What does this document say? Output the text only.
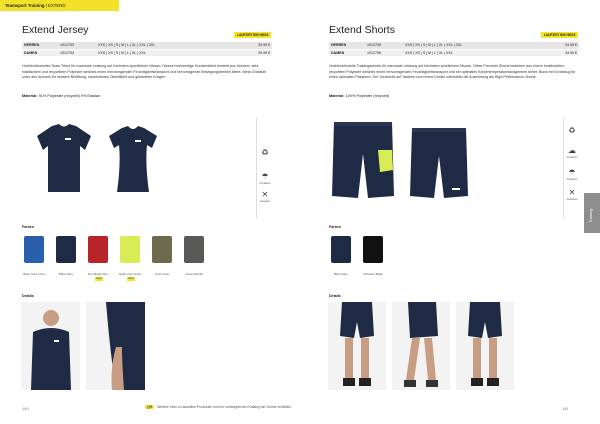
Teamsport Training | EXTEND
Extend Jersey	LAUFZEIT BIS HW23
HERREN	1912753	XXS | XS | S | M | L | XL | XXL | 3XL	39.95 €
DAMEN	1912754	XXS | XS | S | M | L | XL | XXL	39.95 €
Hochfunktionelles Team-Trikot für maximale Leistung auf höchstem sportlichem Niveau. Dieses hochwertige Kurzarmtrikot besteht aus dünnem, sehr elastischem und recyceltem Polyester welches einen hervorragenden Feuchtigkeitstransport und hervorragende Bewegungsfreiheit bietet. Mesh-Einsätze unter den Achseln für bessere Belüftung, strukturiertes Oberfläche und gekanteter Kragen.
Material: 91% Polyester (recycelt) 9% Elastan
♻
☂
Funktion
✕
Gewebe
Farben
Blau/ Gold Crest	Blau/ Navy	Rot/ Bright RedNEU
Gelb/ Lime FreshNEU
Grün/ Grau	Grau/ Asphalt
Details
140
Extend Shorts	LAUFZEIT BIS HW23
HERREN	1912755	XXS | XS | S | M | L | XL | XXL | 3XL	34.95 €
DAMEN	1912756	XXS | XS | S | M | L | XL | XXL	34.95 €
Hochfunktionelle Trainingsshorts für maximale Leistung auf höchstem sportlichem Niveau. Diese Premium-Shorts bestehen aus einem funktionellen, recycelten Polyester welches einen hervorragenden Feuchtigkeitstransport und ein optimales Körpertemperaturmanagement bietet. Bund mit Kordelzug für einen optimalen Passform. Der Vorschnitt auf Taschen und innere Kordel unterstützt die Ausrichtung als High-Performance-Shorts.
Material: 100% Polyester (recycelt)
♻
☁
Funktion
☂
Funktion
✕
Gewebe
Farben
Blau/ Navy	Schwarz/ Black
Details
141
QR Weitere Infos zu aktuellen Produkten sind im umfangreichen Katalog der Sonne erhältlich
Training
